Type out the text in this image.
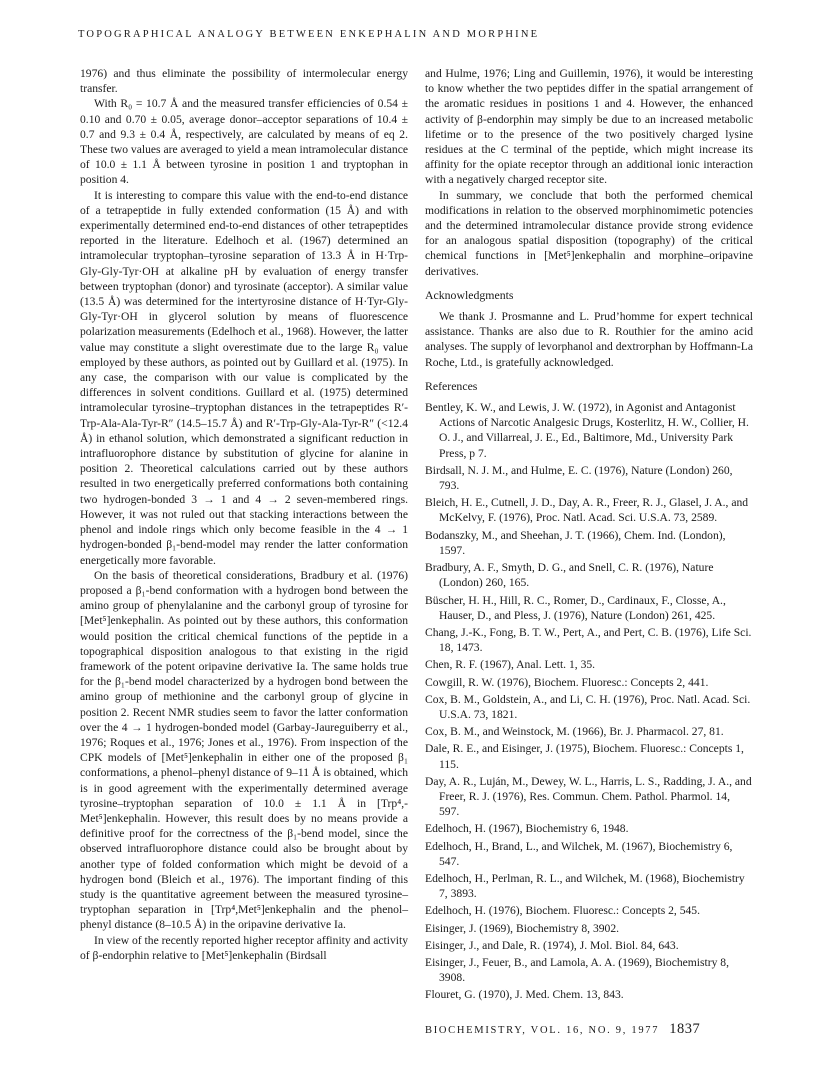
TOPOGRAPHICAL ANALOGY BETWEEN ENKEPHALIN AND MORPHINE

1976) and thus eliminate the possibility of intermolecular energy transfer.

With R₀ = 10.7 Å and the measured transfer efficiencies of 0.54 ± 0.10 and 0.70 ± 0.05, average donor–acceptor separations of 10.4 ± 0.7 and 9.3 ± 0.4 Å, respectively, are calculated by means of eq 2. These two values are averaged to yield a mean intramolecular distance of 10.0 ± 1.1 Å between tyrosine in position 1 and tryptophan in position 4.

It is interesting to compare this value with the end-to-end distance of a tetrapeptide in fully extended conformation (15 Å) and with experimentally determined end-to-end distances of other tetrapeptides reported in the literature. Edelhoch et al. (1967) determined an intramolecular tryptophan–tyrosine separation of 13.3 Å in H·Trp-Gly-Gly-Tyr·OH at alkaline pH by evaluation of energy transfer between tryptophan (donor) and tyrosinate (acceptor). A similar value (13.5 Å) was determined for the intertyrosine distance of H·Tyr-Gly-Gly-Tyr·OH in glycerol solution by means of fluorescence polarization measurements (Edelhoch et al., 1968). However, the latter value may constitute a slight overestimate due to the large R₀ value employed by these authors, as pointed out by Guillard et al. (1975). In any case, the comparison with our value is complicated by the differences in solvent conditions. Guillard et al. (1975) determined intramolecular tyrosine–tryptophan distances in the tetrapeptides R′-Trp-Ala-Ala-Tyr-R″ (14.5–15.7 Å) and R′-Trp-Gly-Ala-Tyr-R″ (<12.4 Å) in ethanol solution, which demonstrated a significant reduction in intrafluorophore distance by substitution of glycine for alanine in position 2. Theoretical calculations carried out by these authors resulted in two energetically preferred conformations both containing two hydrogen-bonded 3 → 1 and 4 → 2 seven-membered rings. However, it was not ruled out that stacking interactions between the phenol and indole rings which only become feasible in the 4 → 1 hydrogen-bonded β₁-bend-model may render the latter conformation energetically more favorable.

On the basis of theoretical considerations, Bradbury et al. (1976) proposed a β₁-bend conformation with a hydrogen bond between the amino group of phenylalanine and the carbonyl group of tyrosine for [Met⁵]enkephalin. As pointed out by these authors, this conformation would position the critical chemical functions of the peptide in a topographical disposition analogous to that existing in the rigid framework of the potent oripavine derivative Ia. The same holds true for the β₁-bend model characterized by a hydrogen bond between the amino group of methionine and the carbonyl group of glycine in position 2. Recent NMR studies seem to favor the latter conformation over the 4 → 1 hydrogen-bonded model (Garbay-Jaureguiberry et al., 1976; Roques et al., 1976; Jones et al., 1976). From inspection of the CPK models of [Met⁵]enkephalin in either one of the proposed β₁ conformations, a phenol–phenyl distance of 9–11 Å is obtained, which is in good agreement with the experimentally determined average tyrosine–tryptophan separation of 10.0 ± 1.1 Å in [Trp⁴,-Met⁵]enkephalin. However, this result does by no means provide a definitive proof for the correctness of the β₁-bend model, since the observed intrafluorophore distance could also be brought about by another type of folded conformation which might be devoid of a hydrogen bond (Bleich et al., 1976). The important finding of this study is the quantitative agreement between the measured tyrosine–tryptophan separation in [Trp⁴,Met⁵]enkephalin and the phenol–phenyl distance (8–10.5 Å) in the oripavine derivative Ia.

In view of the recently reported higher receptor affinity and activity of β-endorphin relative to [Met⁵]enkephalin (Birdsall

and Hulme, 1976; Ling and Guillemin, 1976), it would be interesting to know whether the two peptides differ in the spatial arrangement of the aromatic residues in positions 1 and 4. However, the enhanced activity of β-endorphin may simply be due to an increased metabolic lifetime or to the presence of the two positively charged lysine residues at the C terminal of the peptide, which might increase its affinity for the opiate receptor through an additional ionic interaction with a negatively charged receptor site.

In summary, we conclude that both the performed chemical modifications in relation to the observed morphinomimetic potencies and the determined intramolecular distance provide strong evidence for an analogous spatial disposition (topography) of the critical chemical functions in [Met⁵]enkephalin and morphine–oripavine derivatives.

Acknowledgments

We thank J. Prosmanne and L. Prud’homme for expert technical assistance. Thanks are also due to R. Routhier for the amino acid analyses. The supply of levorphanol and dextrorphan by Hoffmann-La Roche, Ltd., is gratefully acknowledged.

References
Bentley, K. W., and Lewis, J. W. (1972), in Agonist and Antagonist Actions of Narcotic Analgesic Drugs, Kosterlitz, H. W., Collier, H. O. J., and Villarreal, J. E., Ed., Baltimore, Md., University Park Press, p 7.
Birdsall, N. J. M., and Hulme, E. C. (1976), Nature (London) 260, 793.
Bleich, H. E., Cutnell, J. D., Day, A. R., Freer, R. J., Glasel, J. A., and McKelvy, F. (1976), Proc. Natl. Acad. Sci. U.S.A. 73, 2589.
Bodanszky, M., and Sheehan, J. T. (1966), Chem. Ind. (London), 1597.
Bradbury, A. F., Smyth, D. G., and Snell, C. R. (1976), Nature (London) 260, 165.
Büscher, H. H., Hill, R. C., Romer, D., Cardinaux, F., Closse, A., Hauser, D., and Pless, J. (1976), Nature (London) 261, 425.
Chang, J.-K., Fong, B. T. W., Pert, A., and Pert, C. B. (1976), Life Sci. 18, 1473.
Chen, R. F. (1967), Anal. Lett. 1, 35.
Cowgill, R. W. (1976), Biochem. Fluoresc.: Concepts 2, 441.
Cox, B. M., Goldstein, A., and Li, C. H. (1976), Proc. Natl. Acad. Sci. U.S.A. 73, 1821.
Cox, B. M., and Weinstock, M. (1966), Br. J. Pharmacol. 27, 81.
Dale, R. E., and Eisinger, J. (1975), Biochem. Fluoresc.: Concepts 1, 115.
Day, A. R., Luján, M., Dewey, W. L., Harris, L. S., Radding, J. A., and Freer, R. J. (1976), Res. Commun. Chem. Pathol. Pharmol. 14, 597.
Edelhoch, H. (1967), Biochemistry 6, 1948.
Edelhoch, H., Brand, L., and Wilchek, M. (1967), Biochemistry 6, 547.
Edelhoch, H., Perlman, R. L., and Wilchek, M. (1968), Biochemistry 7, 3893.
Edelhoch, H. (1976), Biochem. Fluoresc.: Concepts 2, 545.
Eisinger, J. (1969), Biochemistry 8, 3902.
Eisinger, J., and Dale, R. (1974), J. Mol. Biol. 84, 643.
Eisinger, J., Feuer, B., and Lamola, A. A. (1969), Biochemistry 8, 3908.
Flouret, G. (1970), J. Med. Chem. 13, 843.
BIOCHEMISTRY, VOL. 16, NO. 9, 1977 1837
